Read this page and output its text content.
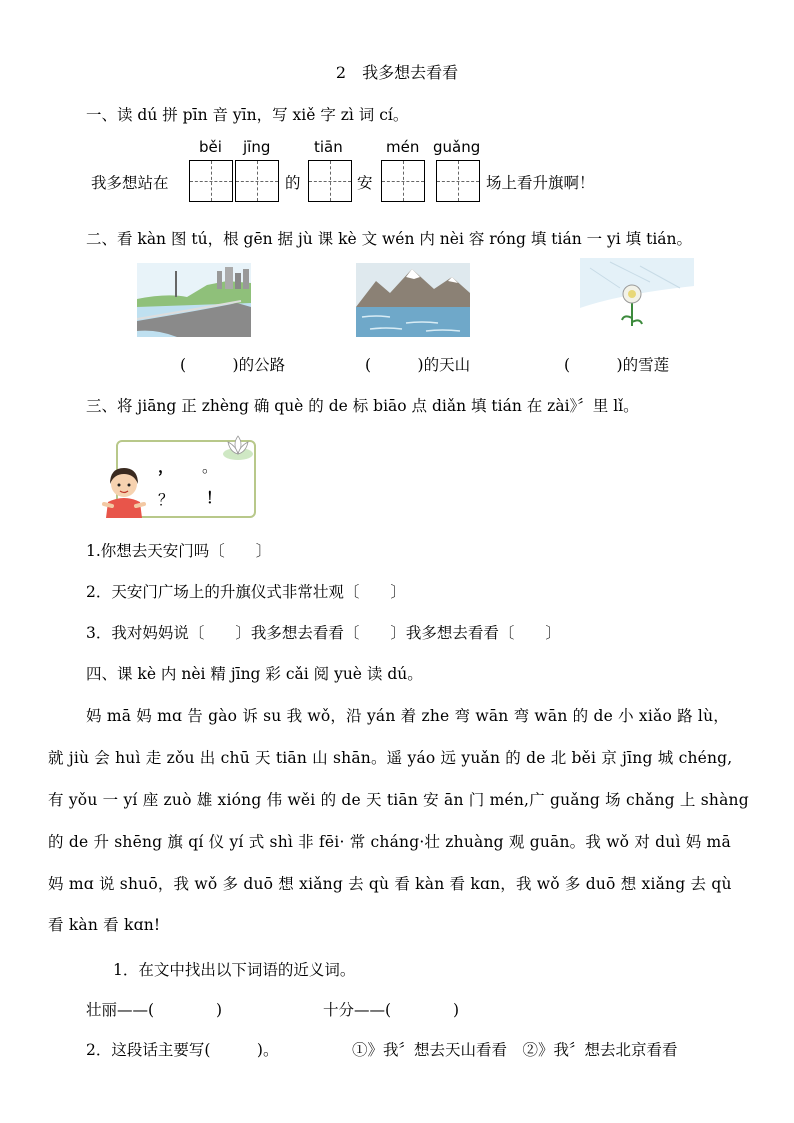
2　我多想去看看
一、读 dú 拼 pīn 音 yīn，写 xiě 字 zì 词 cí。
běi jīng	tiān	mén guǎng
我多想站在	的	安	场上看升旗啊！
二、看 kàn 图 tú，根 gēn 据 jù 课 kè 文 wén 内 nèi 容 róng 填 tián 一 yi 填 tián。
(　　　)的公路	(　　　)的天山	(　　　)的雪莲
三、将 jiāng 正 zhèng 确 què 的 de 标 biāo 点 diǎn 填 tián 在 zài》〞里 lǐ。
， 。
？ ！
1.你想去天安门吗〔　　〕
2．天安门广场上的升旗仪式非常壮观〔　　〕
3．我对妈妈说〔　　〕我多想去看看〔　　〕我多想去看看〔　　〕
四、课 kè 内 nèi 精 jīng 彩 cǎi 阅 yuè 读 dú。
妈 mā 妈 mɑ 告 gào 诉 su 我 wǒ，沿 yán 着 zhe 弯 wān 弯 wān 的 de 小 xiǎo 路 lù，
就 jiù 会 huì 走 zǒu 出 chū 天 tiān 山 shān。遥 yáo 远 yuǎn 的 de 北 běi 京 jīng 城 chéng,
有 yǒu 一 yí 座 zuò 雄 xióng 伟 wěi 的 de 天 tiān 安 ān 门 mén,广 guǎng 场 chǎng 上 shàng
的 de 升 shēng 旗 qí 仪 yí 式 shì 非 fēi· 常 cháng·壮 zhuàng 观 guān。我 wǒ 对 duì 妈 mā
妈 mɑ 说 shuō，我 wǒ 多 duō 想 xiǎng 去 qù 看 kàn 看 kɑn，我 wǒ 多 duō 想 xiǎng 去 qù
看 kàn 看 kɑn!
1．在文中找出以下词语的近义词。
壮丽——(　　　　)	十分——(　　　　)
2．这段话主要写(　　　)。	①》我〞想去天山看看　②》我〞想去北京看看
